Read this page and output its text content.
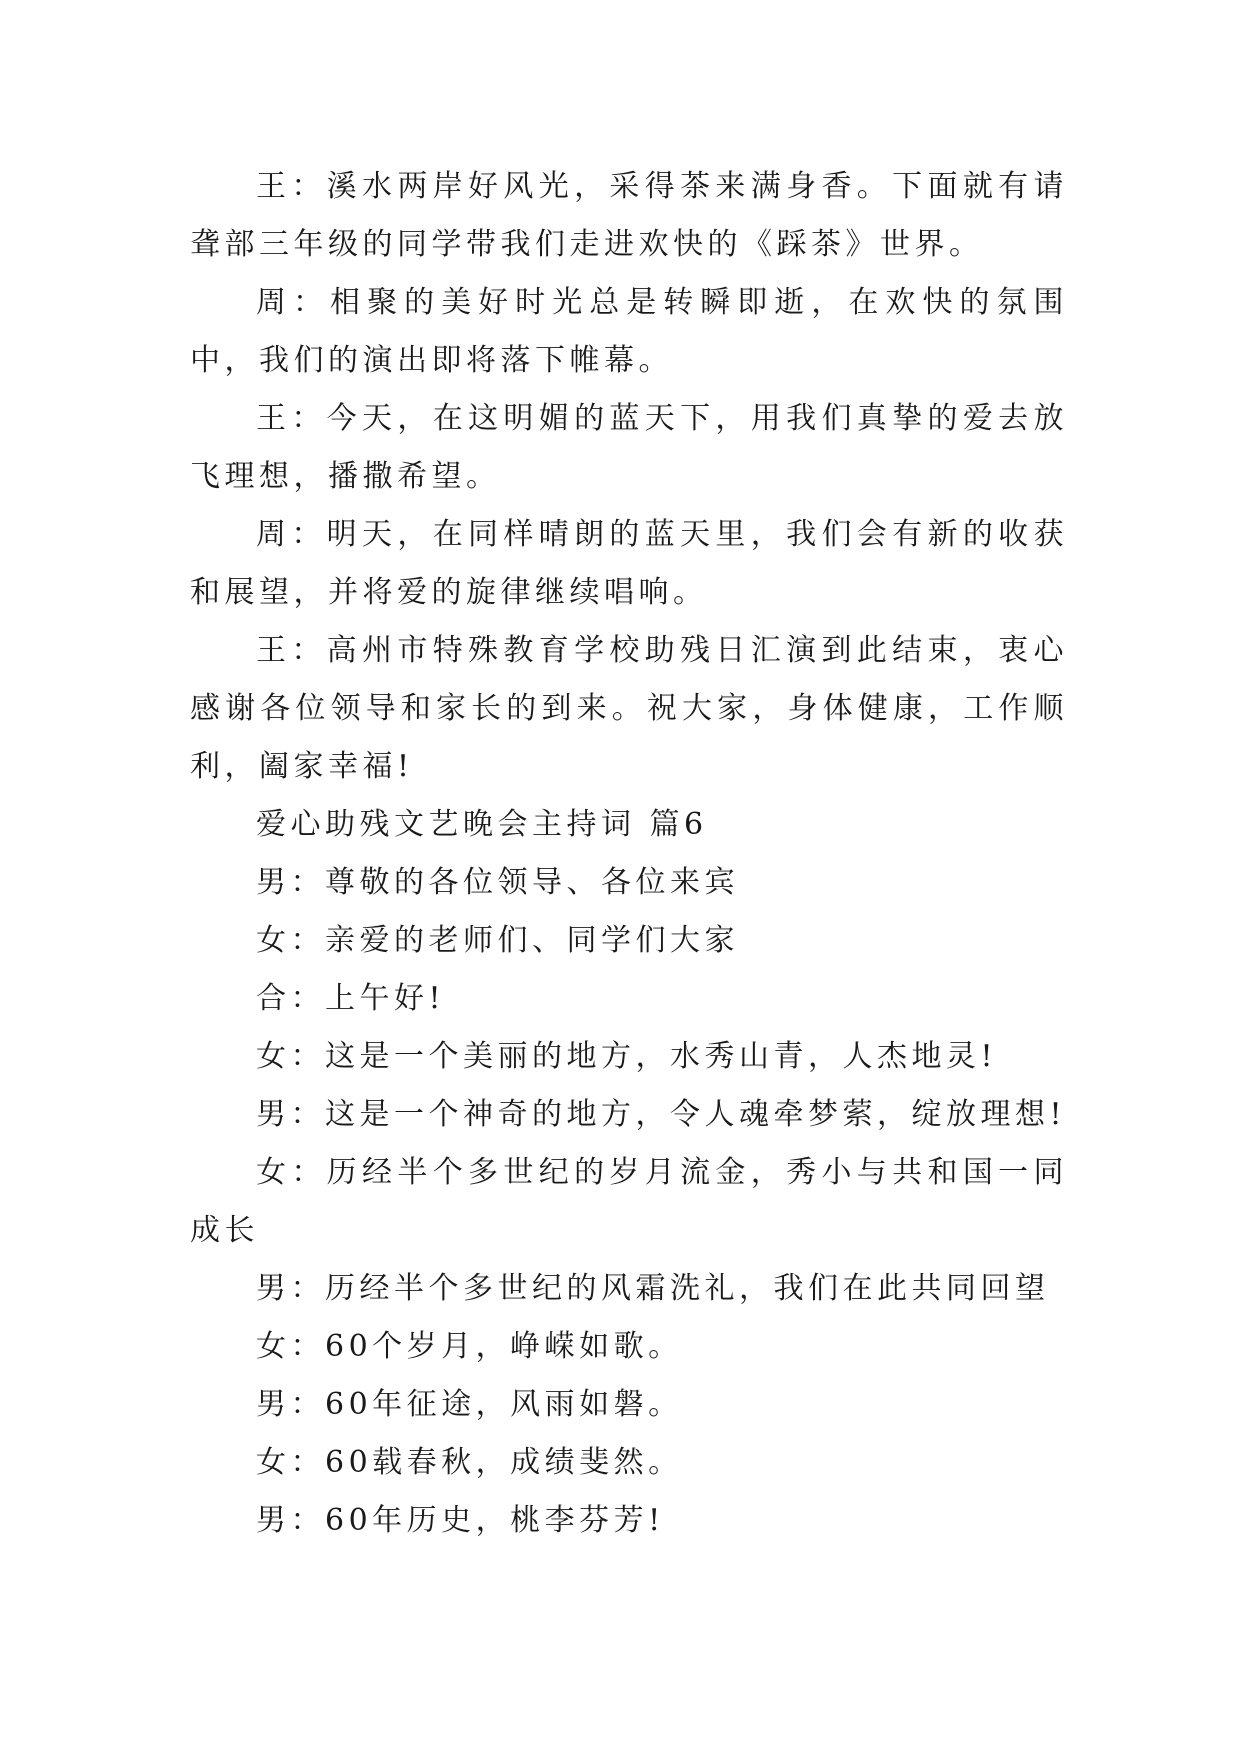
王：溪水两岸好风光，采得茶来满身香。下面就有请聋部三年级的同学带我们走进欢快的《踩茶》世界。

周：相聚的美好时光总是转瞬即逝，在欢快的氛围中，我们的演出即将落下帷幕。

王：今天，在这明媚的蓝天下，用我们真挚的爱去放飞理想，播撒希望。

周：明天，在同样晴朗的蓝天里，我们会有新的收获和展望，并将爱的旋律继续唱响。

王：高州市特殊教育学校助残日汇演到此结束，衷心感谢各位领导和家长的到来。祝大家，身体健康，工作顺利，阖家幸福!

爱心助残文艺晚会主持词 篇6

男：尊敬的各位领导、各位来宾

女：亲爱的老师们、同学们大家

合：上午好!

女：这是一个美丽的地方，水秀山青，人杰地灵!

男：这是一个神奇的地方，令人魂牵梦萦，绽放理想!

女：历经半个多世纪的岁月流金，秀小与共和国一同成长

男：历经半个多世纪的风霜洗礼，我们在此共同回望

女：60个岁月，峥嵘如歌。

男：60年征途，风雨如磐。

女：60载春秋，成绩斐然。

男：60年历史，桃李芬芳!
